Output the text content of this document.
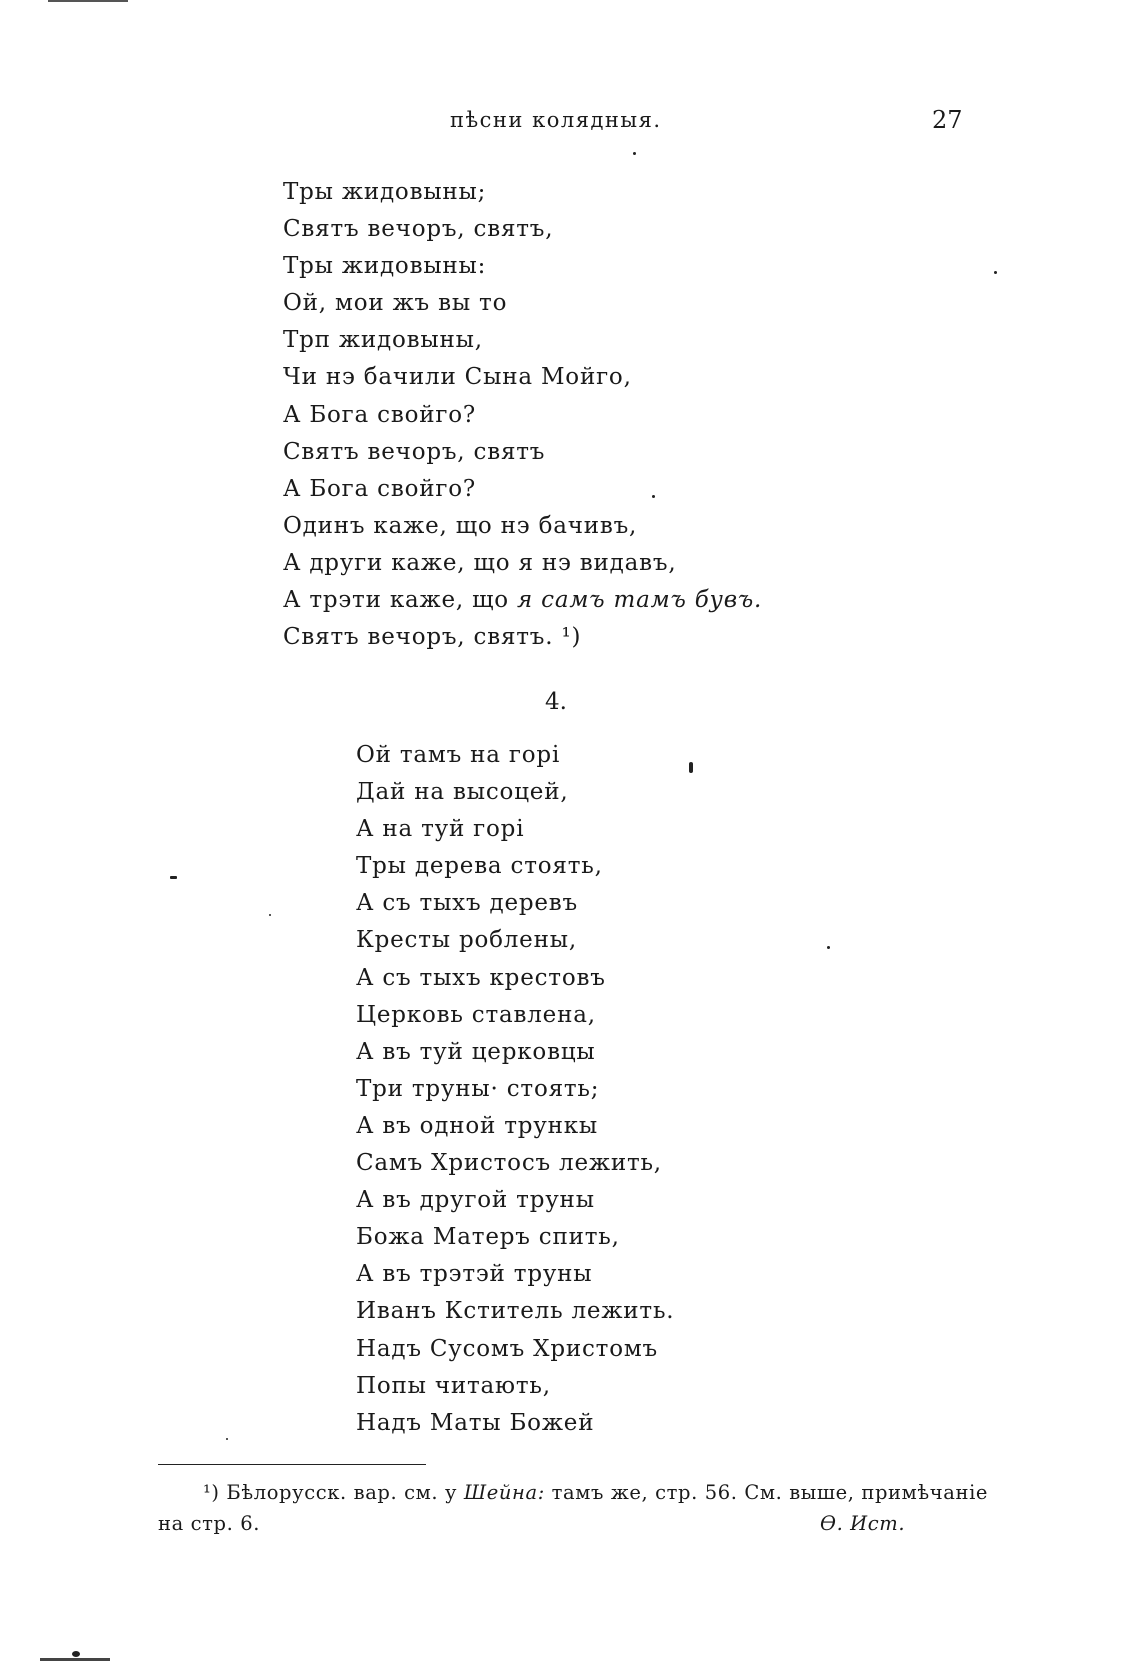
пѣсни колядныя.	27
Тры жидовыны;
Святъ вечоръ, святъ,
Тры жидовыны:
Ой, мои жъ вы то
Трп жидовыны,
Чи нэ бачили Сына Мойго,
А Бога свойго?
Святъ вечоръ, святъ
А Бога свойго?
Одинъ каже, що нэ бачивъ,
А други каже, що я нэ видавъ,
А трэти каже, що я самъ тамъ бувъ.
Святъ вечоръ, святъ. ¹)
4.
Ой тамъ на горі
Дай на высоцей,
А на туй горі
Тры дерева стоять,
А съ тыхъ деревъ
Кресты роблены,
А съ тыхъ крестовъ
Церковь ставлена,
А въ туй церковцы
Три труны· стоять;
А въ одной трункы
Самъ Христосъ лежить,
А въ другой труны
Божа Матеръ спить,
А въ трэтэй труны
Иванъ Кститель лежить.
Надъ Сусомъ Христомъ
Попы читають,
Надъ Маты Божей
¹) Бѣлорусск. вар. см. у Шейна: тамъ же, стр. 56. См. выше, примѣчаніе
на стр. 6.	Ѳ. Ист.
